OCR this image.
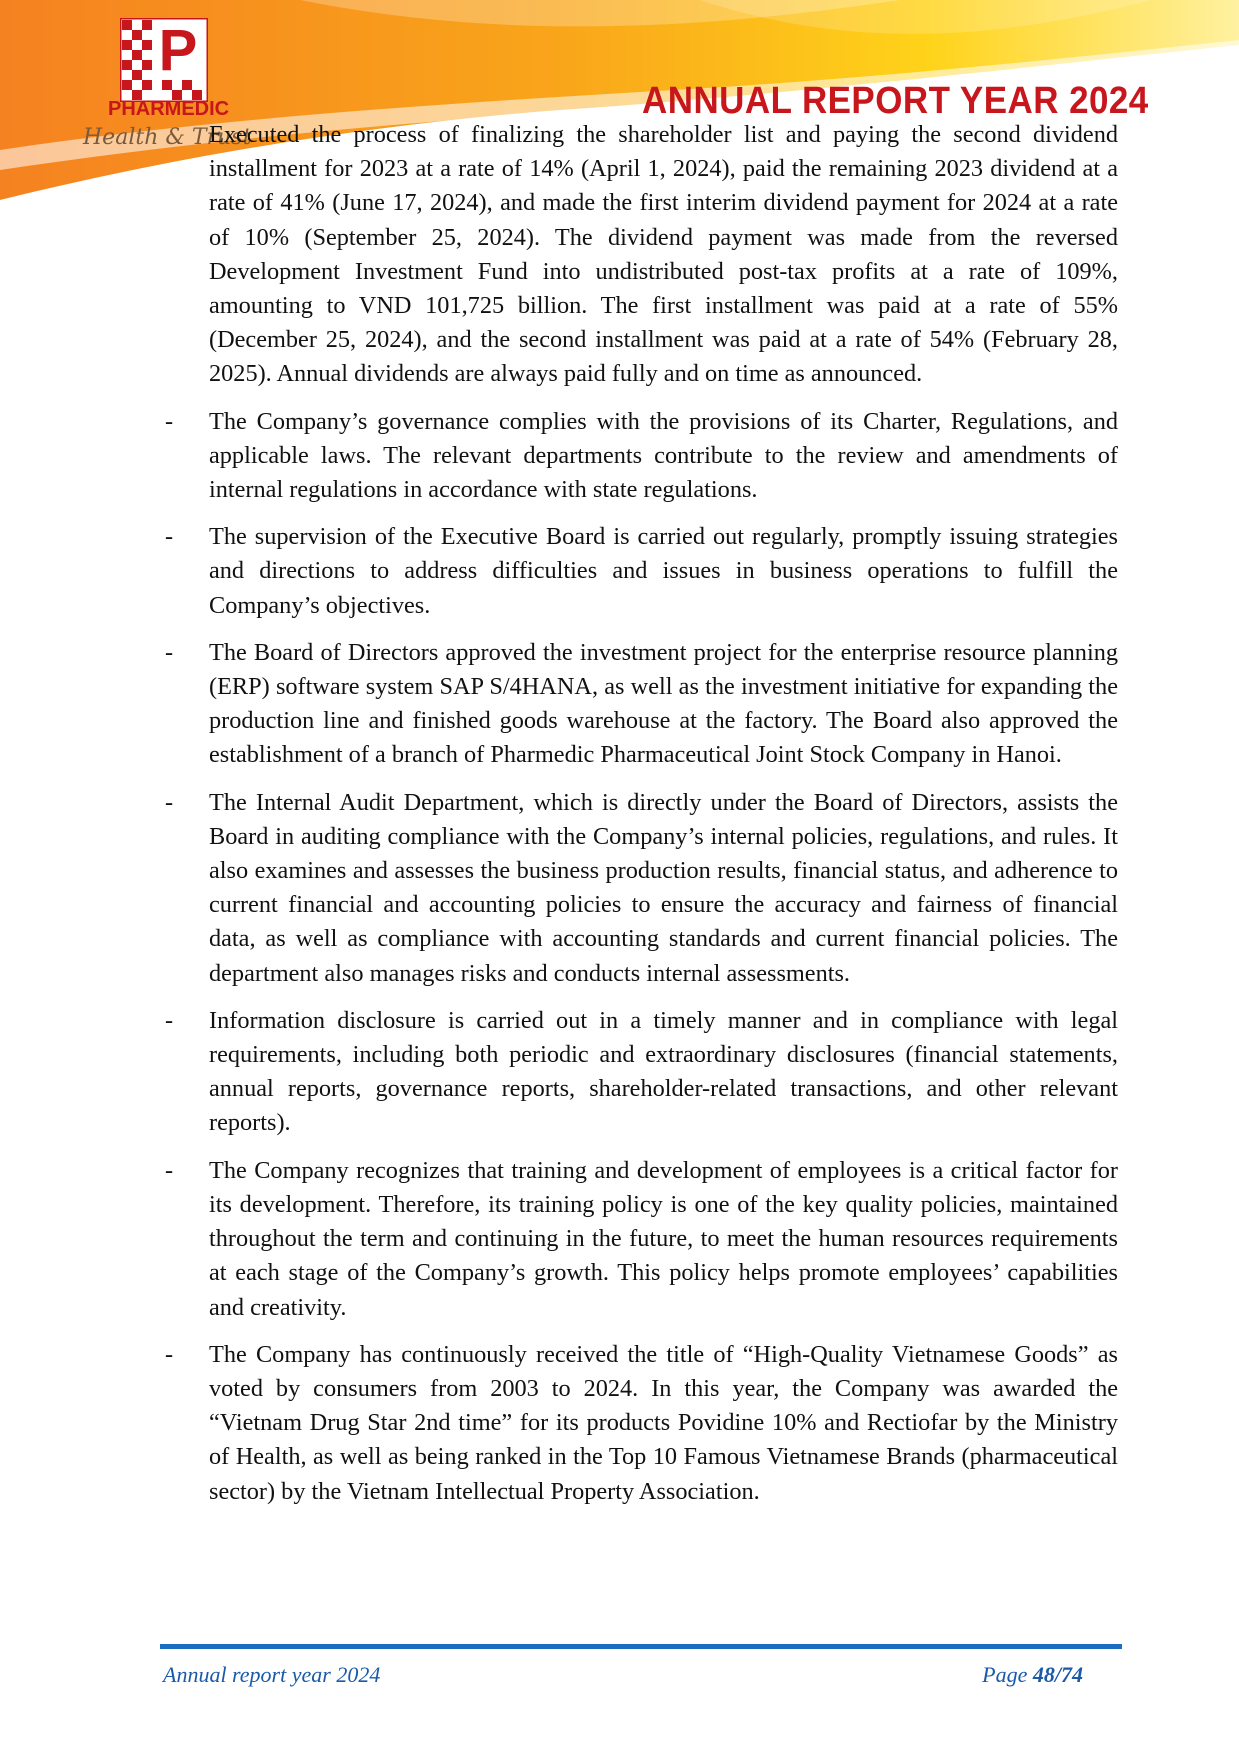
P
PHARMEDIC
Health & Trust
ANNUAL REPORT YEAR 2024

Executed the process of finalizing the shareholder list and paying the second dividend installment for 2023 at a rate of 14% (April 1, 2024), paid the remaining 2023 dividend at a rate of 41% (June 17, 2024), and made the first interim dividend payment for 2024 at a rate of 10% (September 25, 2024). The dividend payment was made from the reversed Development Investment Fund into undistributed post-tax profits at a rate of 109%, amounting to VND 101,725 billion. The first installment was paid at a rate of 55% (December 25, 2024), and the second installment was paid at a rate of 54% (February 28, 2025). Annual dividends are always paid fully and on time as announced.

-	The Company’s governance complies with the provisions of its Charter, Regulations, and applicable laws. The relevant departments contribute to the review and amendments of internal regulations in accordance with state regulations.
-	The supervision of the Executive Board is carried out regularly, promptly issuing strategies and directions to address difficulties and issues in business operations to fulfill the Company’s objectives.
-	The Board of Directors approved the investment project for the enterprise resource planning (ERP) software system SAP S/4HANA, as well as the investment initiative for expanding the production line and finished goods warehouse at the factory. The Board also approved the establishment of a branch of Pharmedic Pharmaceutical Joint Stock Company in Hanoi.
-	The Internal Audit Department, which is directly under the Board of Directors, assists the Board in auditing compliance with the Company’s internal policies, regulations, and rules. It also examines and assesses the business production results, financial status, and adherence to current financial and accounting policies to ensure the accuracy and fairness of financial data, as well as compliance with accounting standards and current financial policies. The department also manages risks and conducts internal assessments.
-	Information disclosure is carried out in a timely manner and in compliance with legal requirements, including both periodic and extraordinary disclosures (financial statements, annual reports, governance reports, shareholder-related transactions, and other relevant reports).
-	The Company recognizes that training and development of employees is a critical factor for its development. Therefore, its training policy is one of the key quality policies, maintained throughout the term and continuing in the future, to meet the human resources requirements at each stage of the Company’s growth. This policy helps promote employees’ capabilities and creativity.
-	The Company has continuously received the title of “High-Quality Vietnamese Goods” as voted by consumers from 2003 to 2024. In this year, the Company was awarded the “Vietnam Drug Star 2nd time” for its products Povidine 10% and Rectiofar by the Ministry of Health, as well as being ranked in the Top 10 Famous Vietnamese Brands (pharmaceutical sector) by the Vietnam Intellectual Property Association.
Annual report year 2024	Page 48/74
